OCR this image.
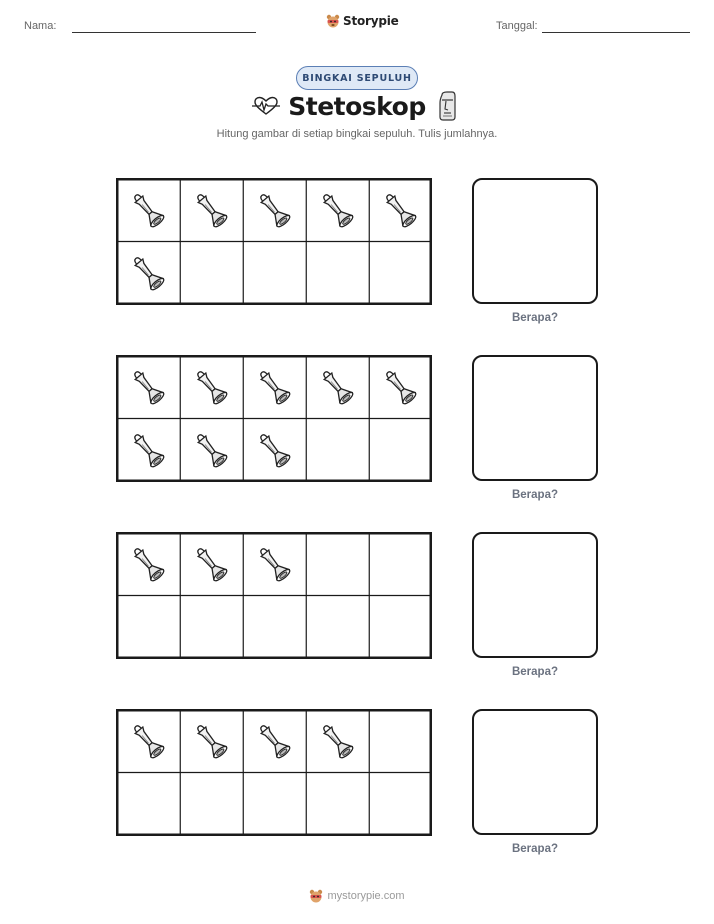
Nama:	Storypie	Tanggal:
BINGKAI SEPULUH
Stetoskop
Hitung gambar di setiap bingkai sepuluh. Tulis jumlahnya.
Berapa?
Berapa?
Berapa?
Berapa?
mystorypie.com
